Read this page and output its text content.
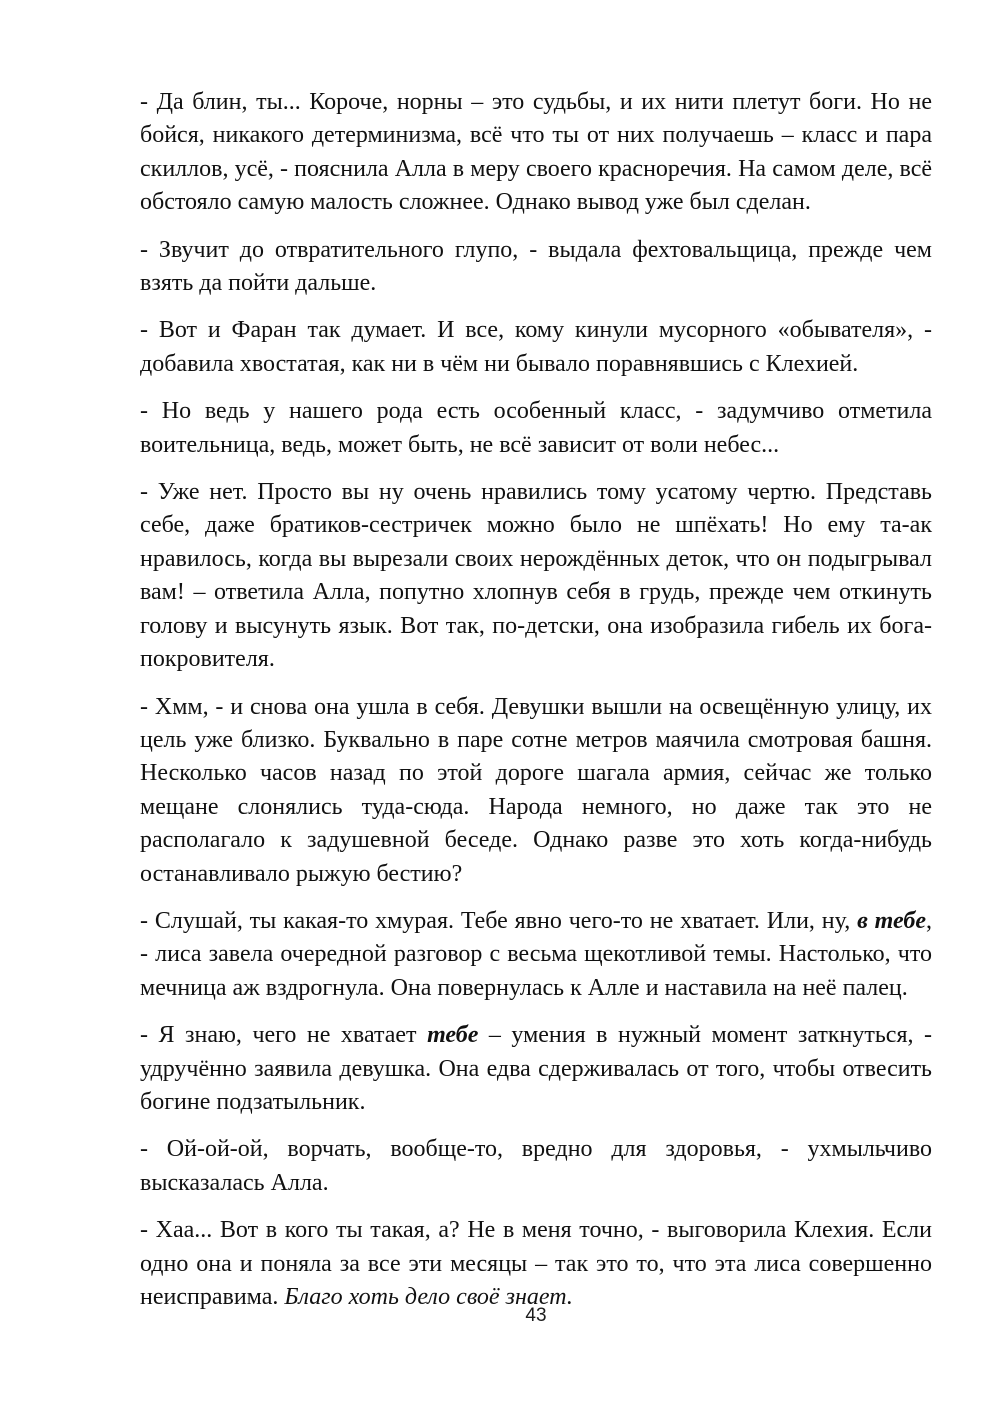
- Да блин, ты... Короче, норны – это судьбы, и их нити плетут боги. Но не бойся, никакого детерминизма, всё что ты от них получаешь – класс и пара скиллов, усё, - пояснила Алла в меру своего красноречия. На самом деле, всё обстояло самую малость сложнее. Однако вывод уже был сделан.

- Звучит до отвратительного глупо, - выдала фехтовальщица, прежде чем взять да пойти дальше.

- Вот и Фаран так думает. И все, кому кинули мусорного «обывателя», - добавила хвостатая, как ни в чём ни бывало поравнявшись с Клехией.

- Но ведь у нашего рода есть особенный класс, - задумчиво отметила воительница, ведь, может быть, не всё зависит от воли небес...

- Уже нет. Просто вы ну очень нравились тому усатому чертю. Представь себе, даже братиков-сестричек можно было не шпёхать! Но ему та-ак нравилось, когда вы вырезали своих нерождённых деток, что он подыгрывал вам! – ответила Алла, попутно хлопнув себя в грудь, прежде чем откинуть голову и высунуть язык. Вот так, по-детски, она изобразила гибель их бога-покровителя.

- Хмм, - и снова она ушла в себя. Девушки вышли на освещённую улицу, их цель уже близко. Буквально в паре сотне метров маячила смотровая башня. Несколько часов назад по этой дороге шагала армия, сейчас же только мещане слонялись туда-сюда. Народа немного, но даже так это не располагало к задушевной беседе. Однако разве это хоть когда-нибудь останавливало рыжую бестию?

- Слушай, ты какая-то хмурая. Тебе явно чего-то не хватает. Или, ну, в тебе, - лиса завела очередной разговор с весьма щекотливой темы. Настолько, что мечница аж вздрогнула. Она повернулась к Алле и наставила на неё палец.

- Я знаю, чего не хватает тебе – умения в нужный момент заткнуться, - удручённо заявила девушка. Она едва сдерживалась от того, чтобы отвесить богине подзатыльник.

- Ой-ой-ой, ворчать, вообще-то, вредно для здоровья, - ухмыльчиво высказалась Алла.

- Хаа... Вот в кого ты такая, а? Не в меня точно, - выговорила Клехия. Если одно она и поняла за все эти месяцы – так это то, что эта лиса совершенно неисправима. Благо хоть дело своё знает.

43
